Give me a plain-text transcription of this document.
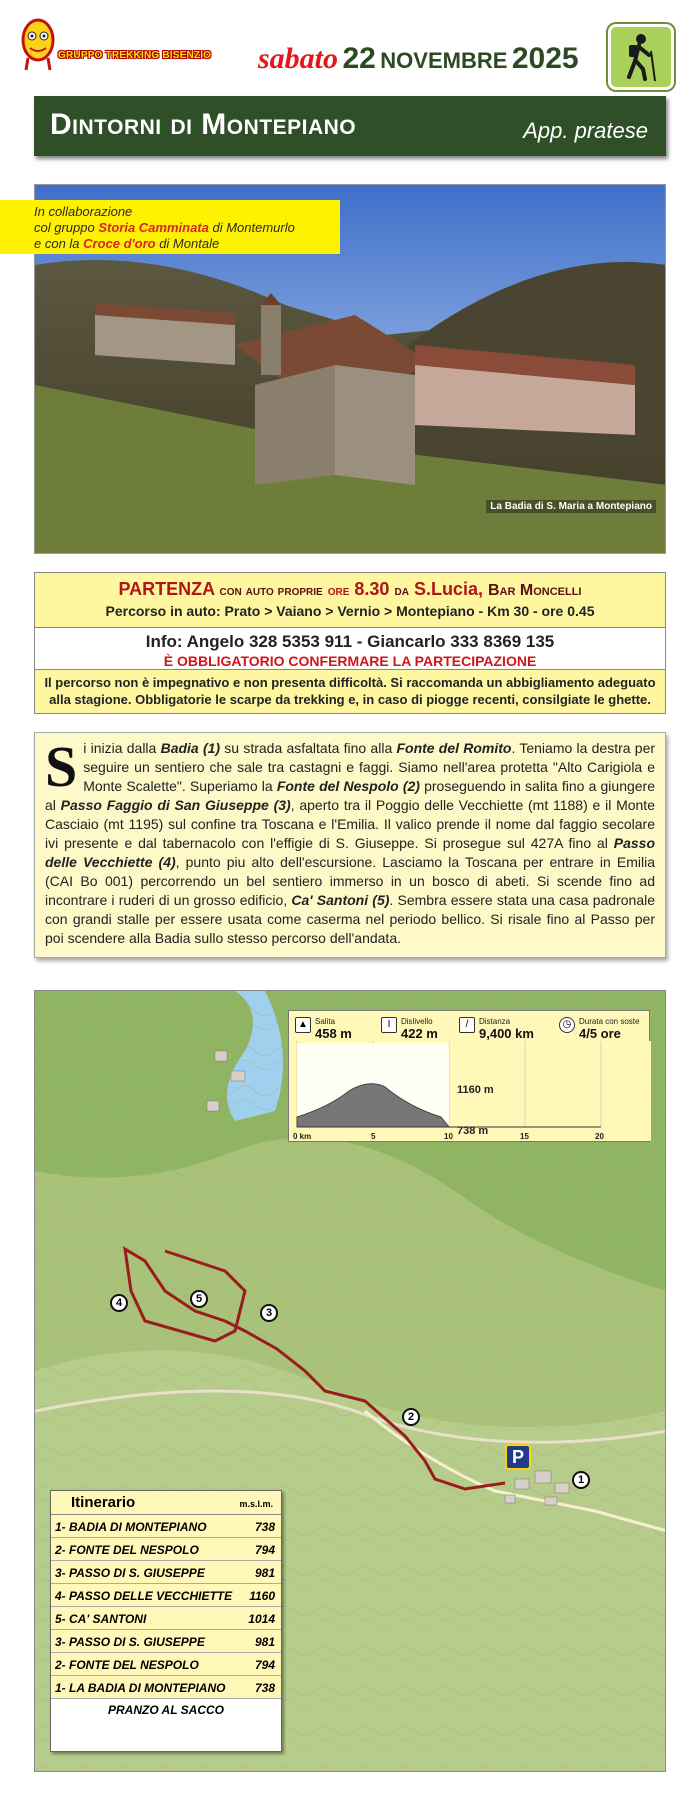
GRUPPO TREKKING BISENZIO sabato 22 NOVEMBRE 2025
Dintorni di Montepiano	App. pratese
In collaborazione
col gruppo Storia Camminata di Montemurlo
e con la Croce d'oro di Montale
La Badia di S. Maria a Montepiano
PARTENZA con auto proprie ore 8.30 da S.Lucia, Bar Moncelli
Percorso in auto: Prato > Vaiano > Vernio > Montepiano - Km 30 - ore 0.45
Info: Angelo 328 5353 911 - Giancarlo 333 8369 135
È OBBLIGATORIO CONFERMARE LA PARTECIPAZIONE
Il percorso non è impegnativo e non presenta difficoltà. Si raccomanda un abbigliamento adeguato
alla stagione. Obbligatorie le scarpe da trekking e, in caso di piogge recenti, consilgiate le ghette.
Si inizia dalla Badia (1) su strada asfaltata fino alla Fonte del Romito. Teniamo la destra per seguire un sentiero che sale tra castagni e faggi. Siamo nell'area protetta "Alto Carigiola e Monte Scalette". Superiamo la Fonte del Nespolo (2) proseguendo in salita fino a giungere al Passo Faggio di San Giuseppe (3), aperto tra il Poggio delle Vecchiette (mt 1188) e il Monte Casciaio (mt 1195) sul confine tra Toscana e l'Emilia. Il valico prende il nome dal faggio secolare ivi presente e dal tabernacolo con l'effigie di S. Giuseppe. Si prosegue sul 427A fino al Passo delle Vecchiette (4), punto piu alto dell'escursione. Lasciamo la Toscana per entrare in Emilia (CAI Bo 001) percorrendo un bel sentiero immerso in un bosco di abeti. Si scende fino ad incontrare i ruderi di un grosso edificio, Ca' Santoni (5). Sembra essere stata una casa padronale con grandi stalle per essere usata come caserma nel periodo bellico. Si risale fino al Passo per poi scendere alla Badia sullo stesso percorso dell'andata.
P
1
2
3
4	5
▲ Salita
458 m
I	Dislivello
422 m
/	Distanza
9,400 km
◷ Durata con soste
4/5 ore
1160 m
738 m
0 km	5	10	15	20
Itinerario	m.s.l.m.
1- BADIA DI MONTEPIANO	738
2- FONTE DEL NESPOLO	794
3- PASSO DI S. GIUSEPPE	981
4- PASSO DELLE VECCHIETTE 1160
5- CA' SANTONI	1014
3- PASSO DI S. GIUSEPPE	981
2- FONTE DEL NESPOLO	794
1- LA BADIA DI MONTEPIANO 738
PRANZO AL SACCO
